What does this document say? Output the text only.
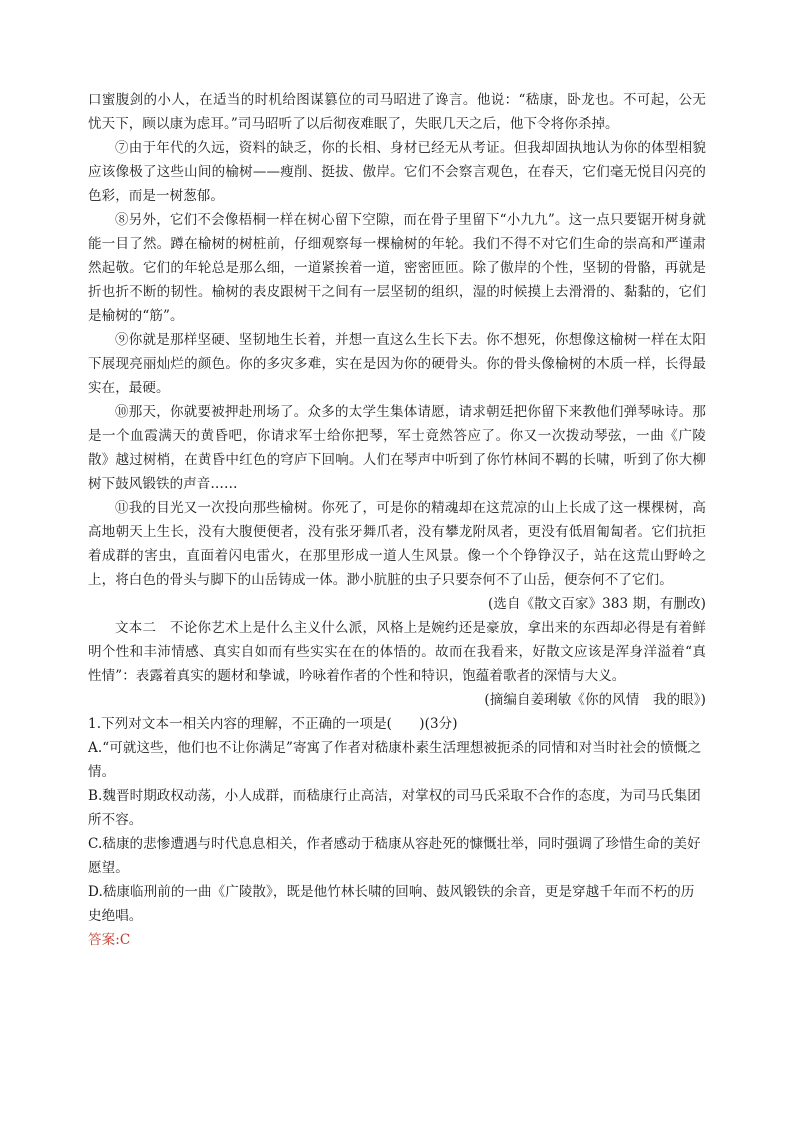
口蜜腹剑的小人，在适当的时机给图谋篡位的司马昭进了谗言。他说：“嵇康，卧龙也。不可起，公无忧天下，顾以康为虑耳。”司马昭听了以后彻夜难眠了，失眠几天之后，他下令将你杀掉。

⑦由于年代的久远，资料的缺乏，你的长相、身材已经无从考证。但我却固执地认为你的体型相貌应该像极了这些山间的榆树——瘦削、挺拔、傲岸。它们不会察言观色，在春天，它们毫无悦目闪亮的色彩，而是一树葱郁。

⑧另外，它们不会像梧桐一样在树心留下空隙，而在骨子里留下“小九九”。这一点只要锯开树身就能一目了然。蹲在榆树的树桩前，仔细观察每一棵榆树的年轮。我们不得不对它们生命的崇高和严谨肃然起敬。它们的年轮总是那么细，一道紧挨着一道，密密匝匝。除了傲岸的个性，坚韧的骨骼，再就是折也折不断的韧性。榆树的表皮跟树干之间有一层坚韧的组织，湿的时候摸上去滑滑的、黏黏的，它们是榆树的“筋”。

⑨你就是那样坚硬、坚韧地生长着，并想一直这么生长下去。你不想死，你想像这榆树一样在太阳下展现亮丽灿烂的颜色。你的多灾多难，实在是因为你的硬骨头。你的骨头像榆树的木质一样，长得最实在，最硬。

⑩那天，你就要被押赴刑场了。众多的太学生集体请愿，请求朝廷把你留下来教他们弹琴咏诗。那是一个血霞满天的黄昏吧，你请求军士给你把琴，军士竟然答应了。你又一次拨动琴弦，一曲《广陵散》越过树梢，在黄昏中红色的穹庐下回响。人们在琴声中听到了你竹林间不羁的长啸，听到了你大柳树下鼓风锻铁的声音……

⑪我的目光又一次投向那些榆树。你死了，可是你的精魂却在这荒凉的山上长成了这一棵棵树，高高地朝天上生长，没有大腹便便者，没有张牙舞爪者，没有攀龙附凤者，更没有低眉匍匐者。它们抗拒着成群的害虫，直面着闪电雷火，在那里形成一道人生风景。像一个个铮铮汉子，站在这荒山野岭之上，将白色的骨头与脚下的山岳铸成一体。渺小肮脏的虫子只要奈何不了山岳，便奈何不了它们。

(选自《散文百家》383 期，有删改)

文本二　不论你艺术上是什么主义什么派，风格上是婉约还是豪放，拿出来的东西却必得是有着鲜明个性和丰沛情感、真实自如而有些实实在在的体悟的。故而在我看来，好散文应该是浑身洋溢着“真性情”：表露着真实的题材和挚诚，吟咏着作者的个性和特识，饱蕴着歌者的深情与大义。

(摘编自姜琍敏《你的风情　我的眼》)

1.下列对文本一相关内容的理解，不正确的一项是(　　)(3分)

A.“可就这些，他们也不让你满足”寄寓了作者对嵇康朴素生活理想被扼杀的同情和对当时社会的愤慨之情。

B.魏晋时期政权动荡，小人成群，而嵇康行止高洁，对掌权的司马氏采取不合作的态度，为司马氏集团所不容。

C.嵇康的悲惨遭遇与时代息息相关，作者感动于嵇康从容赴死的慷慨壮举，同时强调了珍惜生命的美好愿望。

D.嵇康临刑前的一曲《广陵散》，既是他竹林长啸的回响、鼓风锻铁的余音，更是穿越千年而不朽的历史绝唱。

答案:C
